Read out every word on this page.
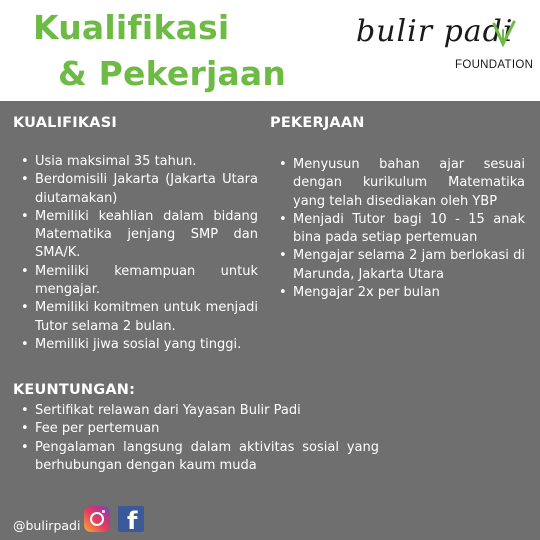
Kualifikasi
& Pekerjaan
bulir padi
FOUNDATION
KUALIFIKASI	PEKERJAAN
• Usia maksimal 35 tahun.
• Berdomisili Jakarta (Jakarta Utara diutamakan)
• Memiliki keahlian dalam bidang Matematika jenjang SMP dan SMA/K.
• Memiliki kemampuan untuk mengajar.
• Memiliki komitmen untuk menjadi Tutor selama 2 bulan.
• Memiliki jiwa sosial yang tinggi.
• Menyusun bahan ajar sesuai dengan kurikulum Matematika yang telah disediakan oleh YBP
• Menjadi Tutor bagi 10 - 15 anak bina pada setiap pertemuan
• Mengajar selama 2 jam berlokasi di Marunda, Jakarta Utara
• Mengajar 2x per bulan
KEUNTUNGAN:
• Sertifikat relawan dari Yayasan Bulir Padi
• Fee per pertemuan
• Pengalaman langsung dalam aktivitas sosial yang berhubungan dengan kaum muda
@bulirpadi f
